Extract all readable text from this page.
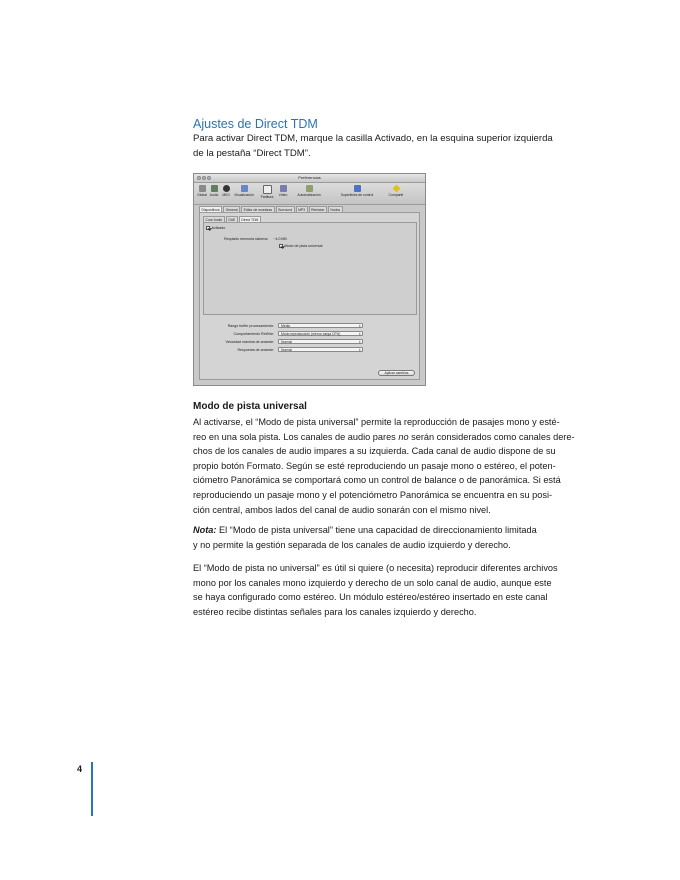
Ajustes de Direct TDM
Para activar Direct TDM, marque la casilla Activado, en la esquina superior izquierda
de la pestaña “Direct TDM”.
Preferencias
Global Audio	MIDI	Visualización	Partitura	Vídeo	Automatización	Superficies de control	Compartir
Dispositivos	General	Editor de muestras	Surround	MP3	Reiniciar	Nodos
Core Audio	DAE	Direct TDM
Activado
Requisito memoria sistema: ~4.0 MB
Modo de pista universal
Rango buffer procesamiento:	Medio	⇕
Comportamiento ReWire:	Modo reproducción (menor carga CPU)	⇕
Velocidad máxima de arrastre:	Normal	⇕
Respuesta de arrastre:	Normal	⇕
Aplicar cambios
Modo de pista universal
Al activarse, el “Modo de pista universal” permite la reproducción de pasajes mono y esté-
reo en una sola pista. Los canales de audio pares no serán considerados como canales dere-
chos de los canales de audio impares a su izquierda. Cada canal de audio dispone de su
propio botón Formato. Según se esté reproduciendo un pasaje mono o estéreo, el poten-
ciómetro Panorámica se comportará como un control de balance o de panorámica. Si está
reproduciendo un pasaje mono y el potenciómetro Panorámica se encuentra en su posi-
ción central, ambos lados del canal de audio sonarán con el mismo nivel.
Nota: El “Modo de pista universal” tiene una capacidad de direccionamiento limitada
y no permite la gestión separada de los canales de audio izquierdo y derecho.
El “Modo de pista no universal” es útil si quiere (o necesita) reproducir diferentes archivos
mono por los canales mono izquierdo y derecho de un solo canal de audio, aunque este
se haya configurado como estéreo. Un módulo estéreo/estéreo insertado en este canal
estéreo recibe distintas señales para los canales izquierdo y derecho.
4
